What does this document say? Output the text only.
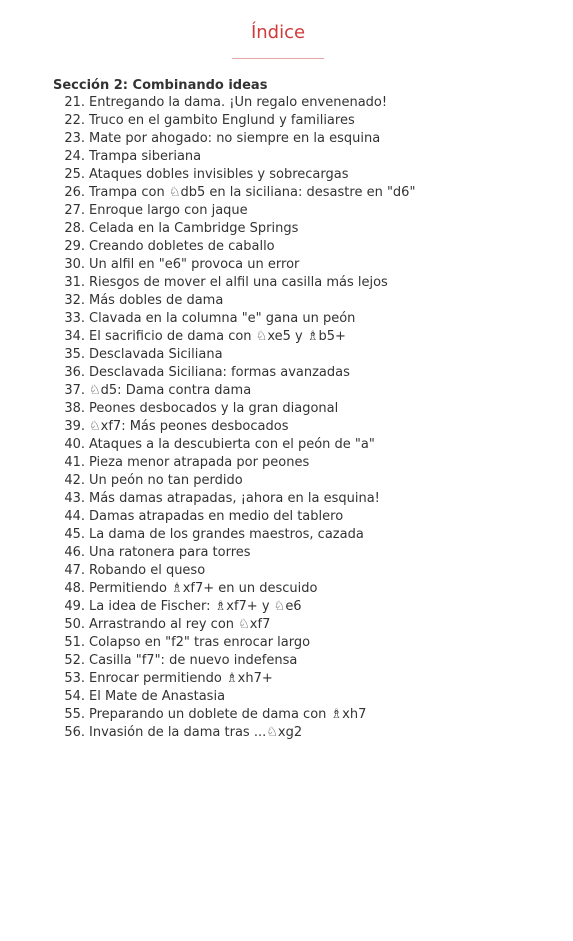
Índice
Sección 2: Combinando ideas
21. Entregando la dama. ¡Un regalo envenenado!
22. Truco en el gambito Englund y familiares
23. Mate por ahogado: no siempre en la esquina
24. Trampa siberiana
25. Ataques dobles invisibles y sobrecargas
26. Trampa con ♘db5 en la siciliana: desastre en "d6"
27. Enroque largo con jaque
28. Celada en la Cambridge Springs
29. Creando dobletes de caballo
30. Un alfil en "e6" provoca un error
31. Riesgos de mover el alfil una casilla más lejos
32. Más dobles de dama
33. Clavada en la columna "e" gana un peón
34. El sacrificio de dama con ♘xe5 y ♗b5+
35. Desclavada Siciliana
36. Desclavada Siciliana: formas avanzadas
37. ♘d5: Dama contra dama
38. Peones desbocados y la gran diagonal
39. ♘xf7: Más peones desbocados
40. Ataques a la descubierta con el peón de "a"
41. Pieza menor atrapada por peones
42. Un peón no tan perdido
43. Más damas atrapadas, ¡ahora en la esquina!
44. Damas atrapadas en medio del tablero
45. La dama de los grandes maestros, cazada
46. Una ratonera para torres
47. Robando el queso
48. Permitiendo ♗xf7+ en un descuido
49. La idea de Fischer: ♗xf7+ y ♘e6
50. Arrastrando al rey con ♘xf7
51. Colapso en "f2" tras enrocar largo
52. Casilla "f7": de nuevo indefensa
53. Enrocar permitiendo ♗xh7+
54. El Mate de Anastasia
55. Preparando un doblete de dama con ♗xh7
56. Invasión de la dama tras ...♘xg2
